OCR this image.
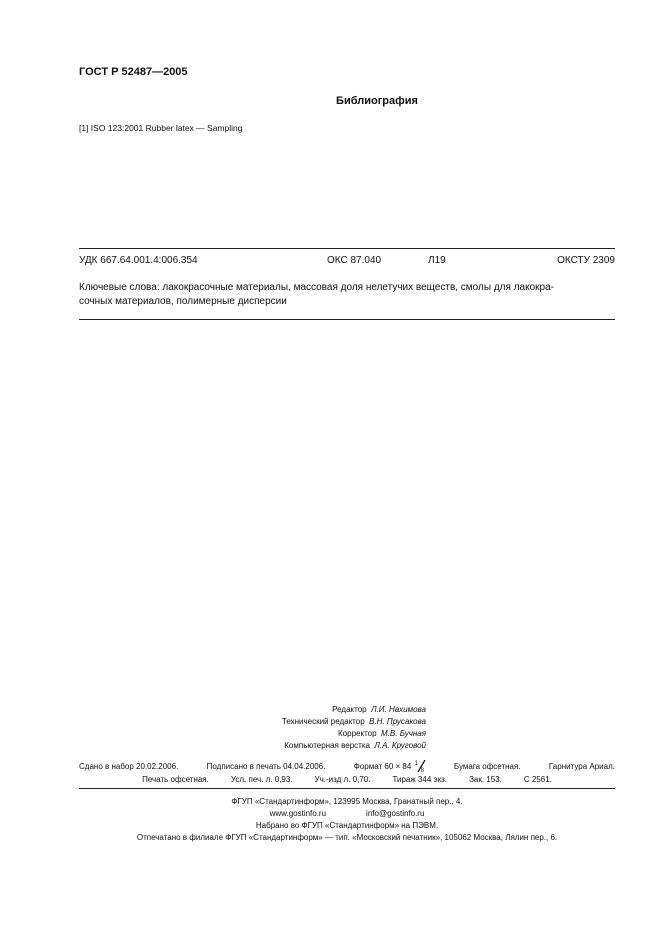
ГОСТ Р 52487—2005
Библиография
[1] ISO 123:2001 Rubber latex — Sampling
УДК 667.64.001.4:006.354	ОКС 87.040	Л19	ОКСТУ 2309
Ключевые слова: лакокрасочные материалы, массовая доля нелетучих веществ, смолы для лакокра-
сочных материалов, полимерные дисперсии
Редактор Л.И. Нахимова
Технический редактор В.Н. Прусакова
Корректор М.В. Бучная
Компьютерная верстка Л.А. Круговой
Сдано в набор 20.02.2006.	Подписано в печать 04.04.2006.	Формат 60 × 84 1
8	Бумага офсетная.	Гарнитура Ариал.
Печать офсетная.	Усл. печ. л. 0,93.	Уч.-изд л. 0,70.	Тираж 344 экз.	Зак. 153.	С 2561.
ФГУП «Стандартинформ», 123995 Москва, Гранатный пер., 4.
www.gostinfo.ru	info@gostinfo.ru
Набрано во ФГУП «Стандартинформ» на ПЭВМ.
Отпечатано в филиале ФГУП «Стандартинформ» — тип. «Московский печатник», 105062 Москва, Лялин пер., 6.
